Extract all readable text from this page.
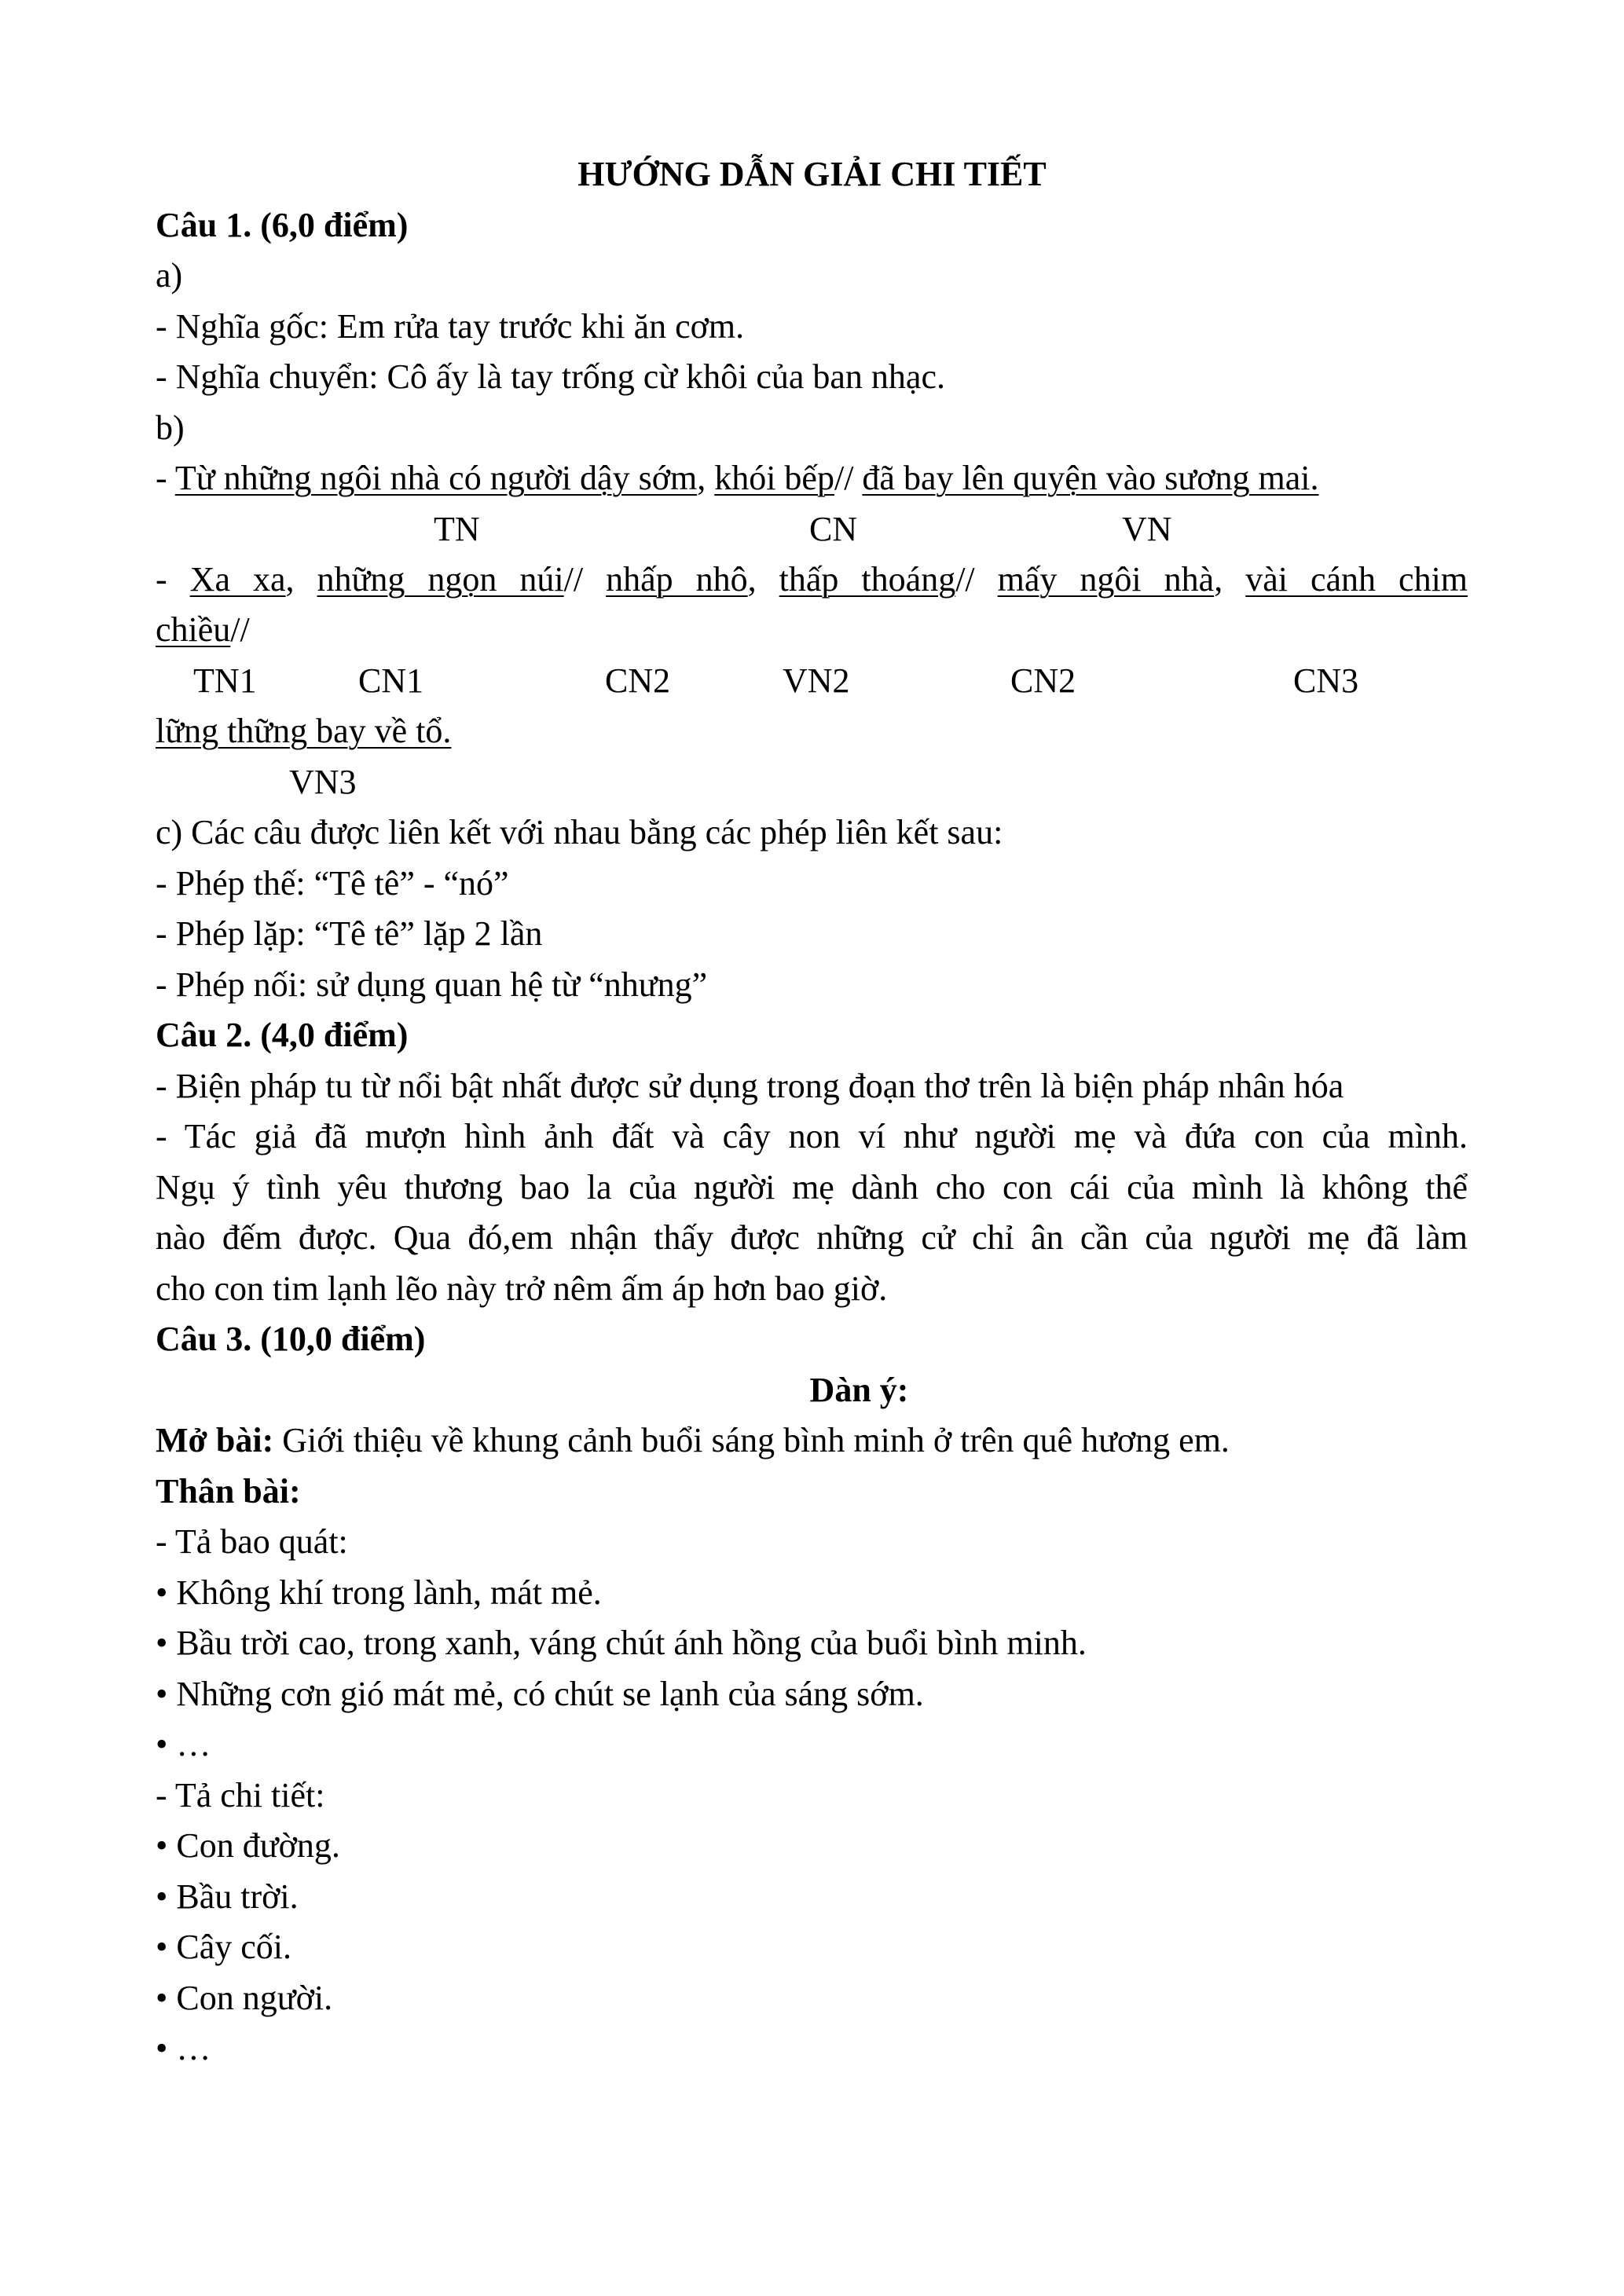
HƯỚNG DẪN GIẢI CHI TIẾT
Câu 1. (6,0 điểm)
a)
- Nghĩa gốc: Em rửa tay trước khi ăn cơm.
- Nghĩa chuyển: Cô ấy là tay trống cừ khôi của ban nhạc.
b)
- Từ những ngôi nhà có người dậy sớm, khói bếp// đã bay lên quyện vào sương mai.
TN	CN	VN
- Xa xa, những ngọn núi// nhấp nhô, thấp thoáng// mấy ngôi nhà, vài cánh chim
chiều//
TN1	CN1	CN2	VN2	CN2	CN3
lững thững bay về tổ.
VN3
c) Các câu được liên kết với nhau bằng các phép liên kết sau:
- Phép thế: “Tê tê” - “nó”
- Phép lặp: “Tê tê” lặp 2 lần
- Phép nối: sử dụng quan hệ từ “nhưng”
Câu 2. (4,0 điểm)
- Biện pháp tu từ nổi bật nhất được sử dụng trong đoạn thơ trên là biện pháp nhân hóa
- Tác giả đã mượn hình ảnh đất và cây non ví như người mẹ và đứa con của mình.
Ngụ ý tình yêu thương bao la của người mẹ dành cho con cái của mình là không thể
nào đếm được. Qua đó,em nhận thấy được những cử chỉ ân cần của người mẹ đã làm
cho con tim lạnh lẽo này trở nêm ấm áp hơn bao giờ.
Câu 3. (10,0 điểm)
Dàn ý:
Mở bài: Giới thiệu về khung cảnh buổi sáng bình minh ở trên quê hương em.
Thân bài:
- Tả bao quát:
• Không khí trong lành, mát mẻ.
• Bầu trời cao, trong xanh, váng chút ánh hồng của buổi bình minh.
• Những cơn gió mát mẻ, có chút se lạnh của sáng sớm.
• …
- Tả chi tiết:
• Con đường.
• Bầu trời.
• Cây cối.
• Con người.
• …
